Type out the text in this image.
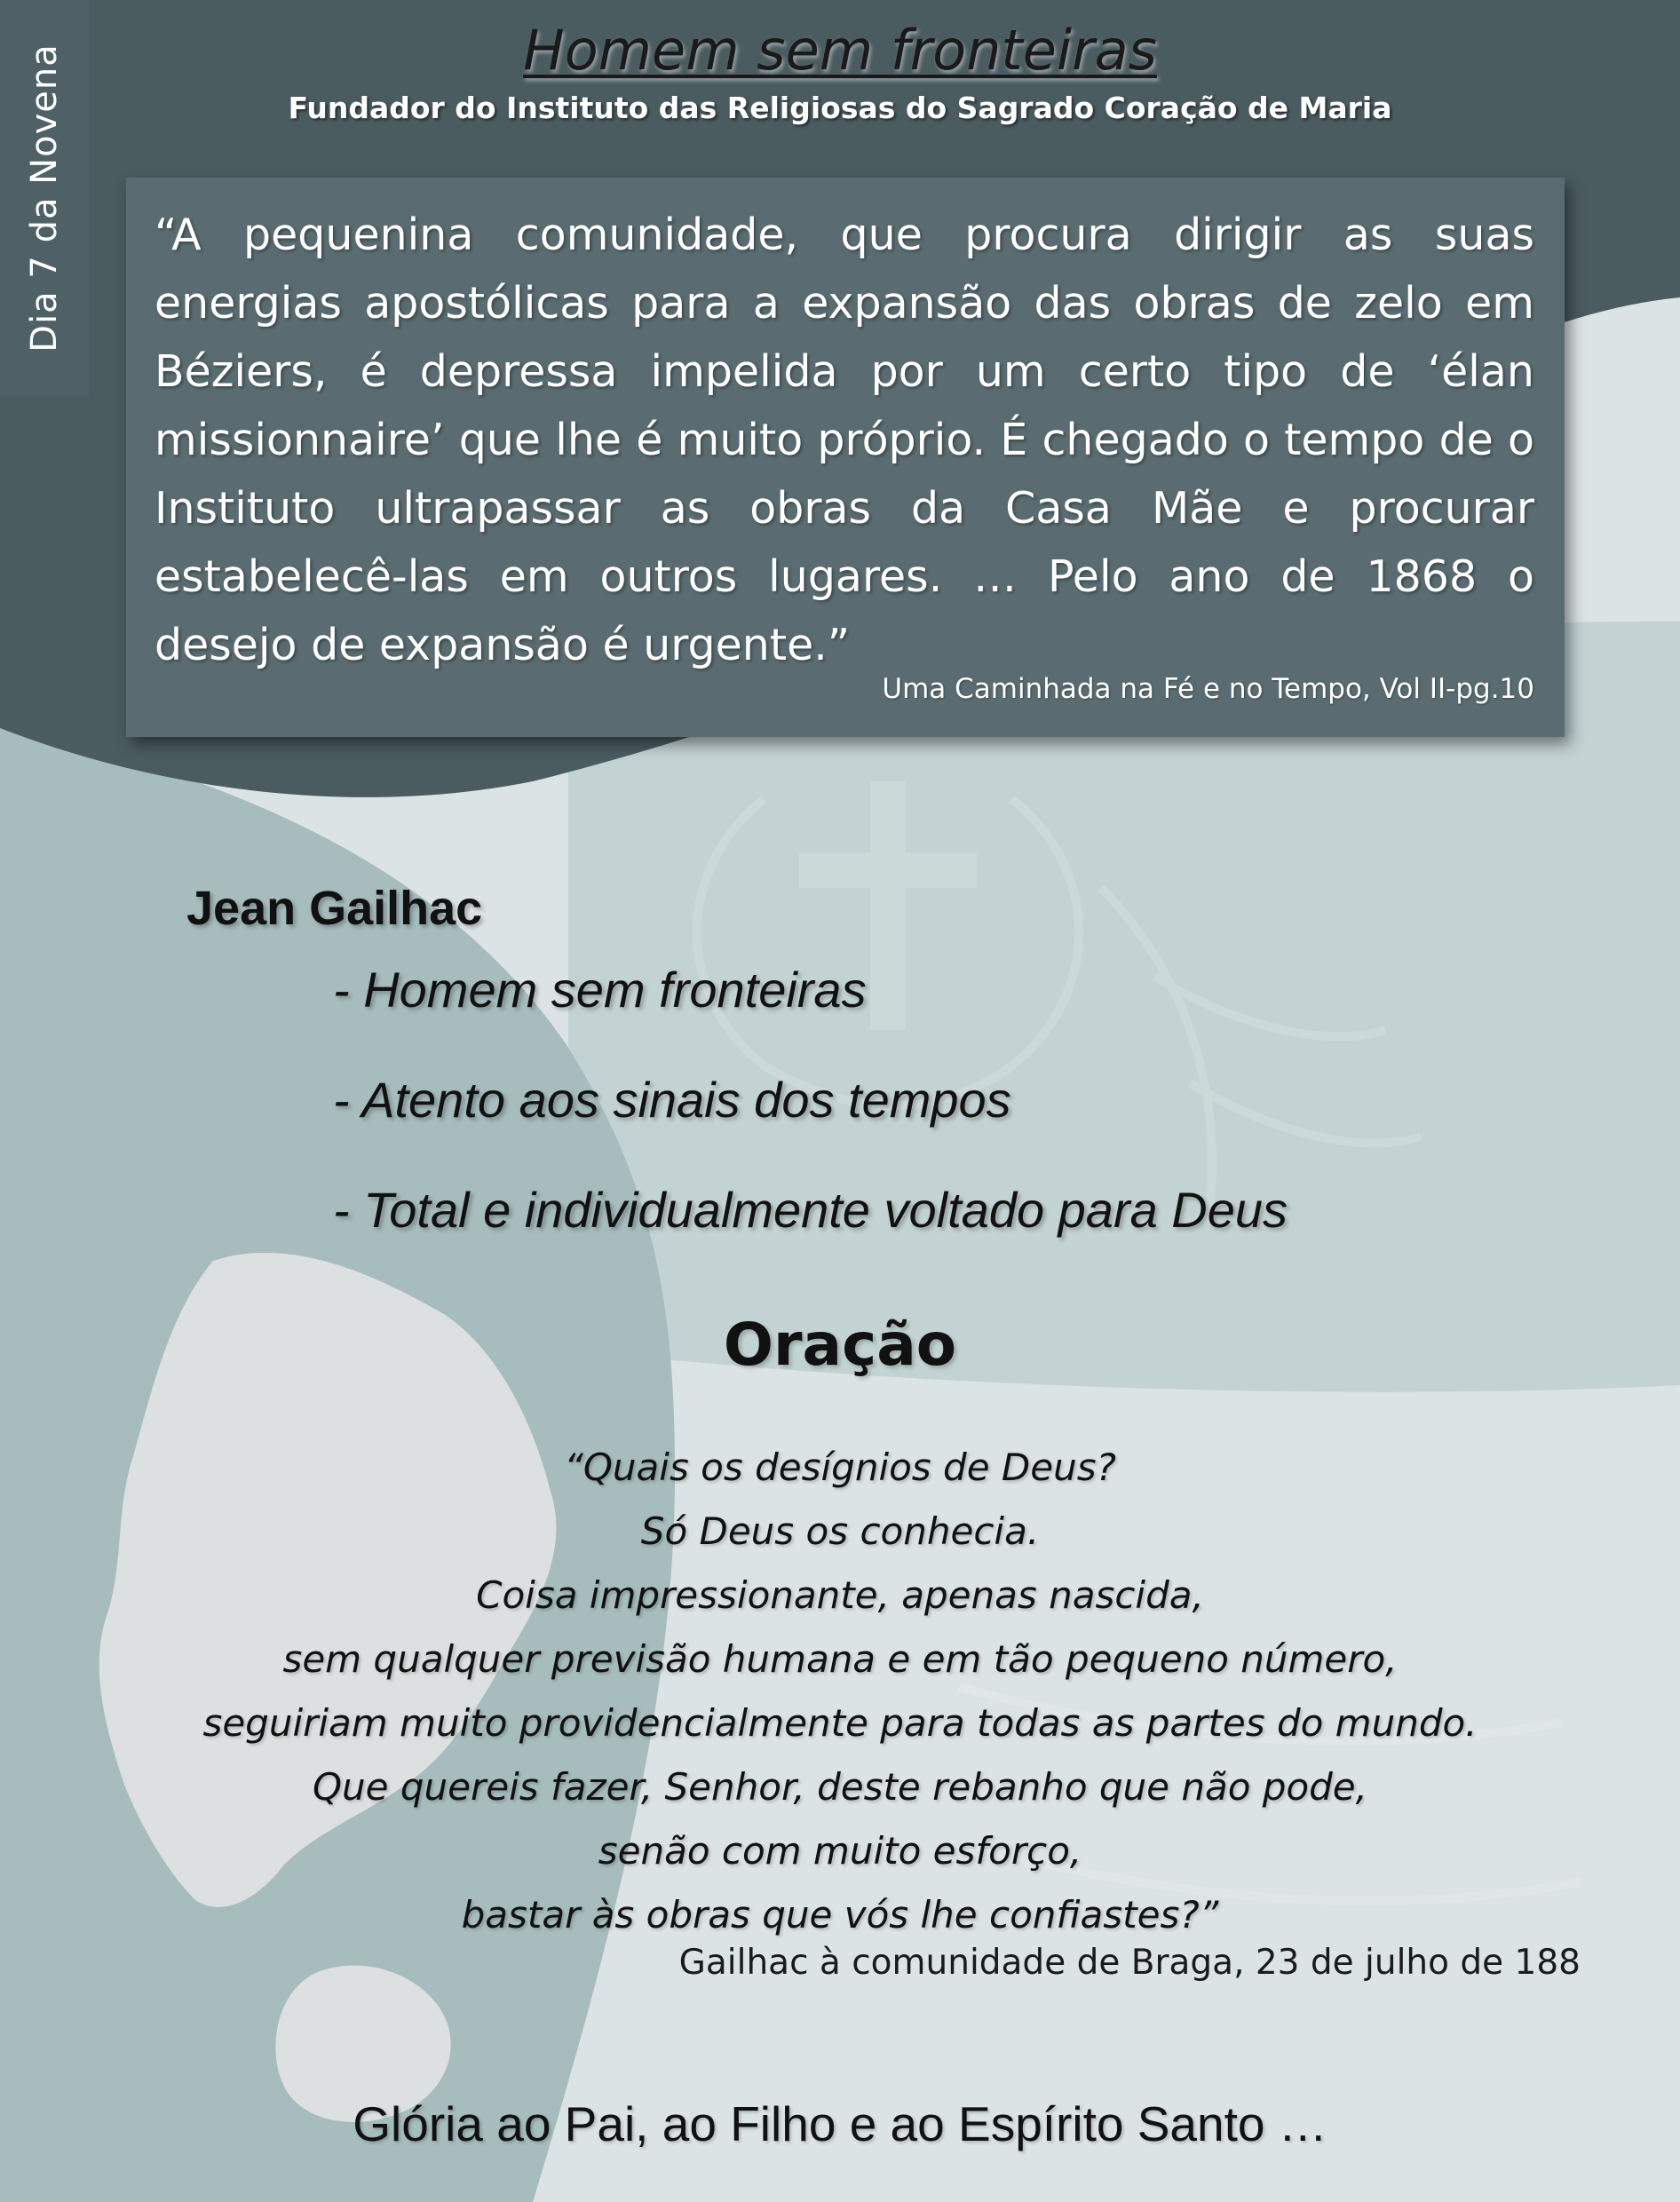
Dia 7 da Novena	Homem sem fronteiras
Fundador do Instituto das Religiosas do Sagrado Coração de Maria
“A pequenina comunidade, que procura dirigir as suas energias apostólicas para a expansão das obras de zelo em Béziers, é depressa impelida por um certo tipo de ‘élan missionnaire’ que lhe é muito próprio. É chegado o tempo de o Instituto ultrapassar as obras da Casa Mãe e procurar estabelecê-las em outros lugares. … Pelo ano de 1868 o desejo de expansão é urgente.”
Uma Caminhada na Fé e no Tempo, Vol II-pg.10
Jean Gailhac
- Homem sem fronteiras
- Atento aos sinais dos tempos
- Total e individualmente voltado para Deus
Oração
“Quais os desígnios de Deus?
Só Deus os conhecia.
Coisa impressionante, apenas nascida,
sem qualquer previsão humana e em tão pequeno número,
seguiriam muito providencialmente para todas as partes do mundo.
Que quereis fazer, Senhor, deste rebanho que não pode,
senão com muito esforço,
bastar às obras que vós lhe confiastes?”
Gailhac à comunidade de Braga, 23 de julho de 188
Glória ao Pai, ao Filho e ao Espírito Santo …
